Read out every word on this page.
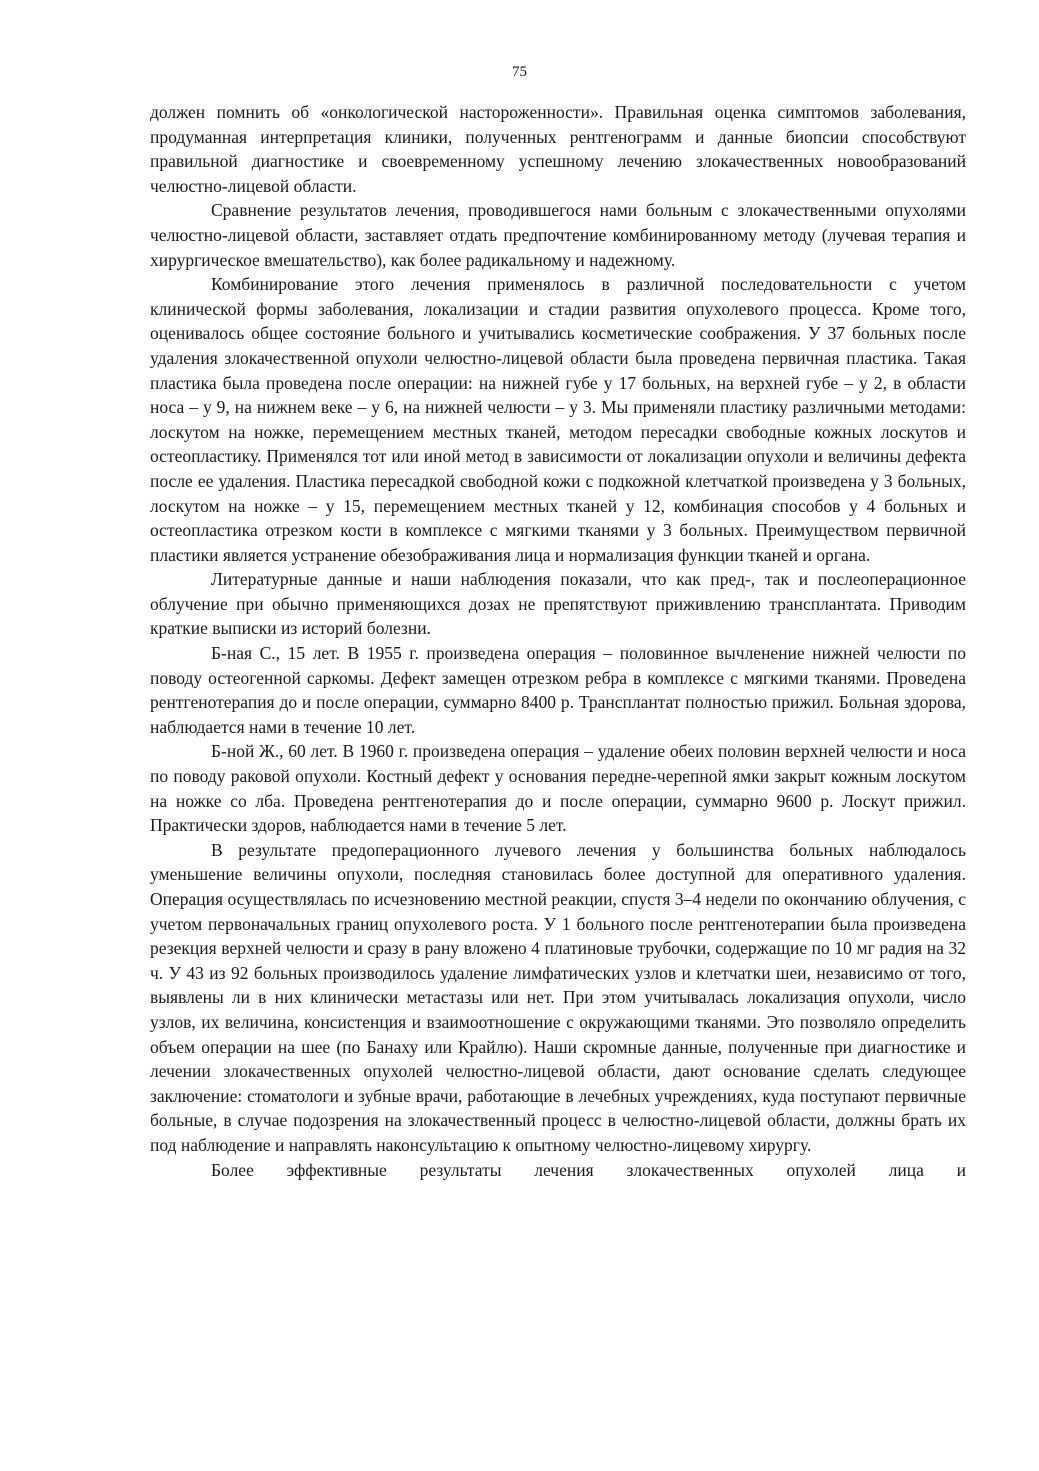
75

должен помнить об «онкологической настороженности». Правильная оценка симптомов заболевания, продуманная интерпретация клиники, полученных рентгенограмм и данные биопсии способствуют правильной диагностике и своевременному успешному лечению злокачественных новообразований челюстно-лицевой области.

Сравнение результатов лечения, проводившегося нами больным с злокачественными опухолями челюстно-лицевой области, заставляет отдать предпочтение комбинированному методу (лучевая терапия и хирургическое вмешательство), как более радикальному и надежному.

Комбинирование этого лечения применялось в различной последовательности с учетом клинической формы заболевания, локализации и стадии развития опухолевого процесса. Кроме того, оценивалось общее состояние больного и учитывались косметические соображения. У 37 больных после удаления злокачественной опухоли челюстно-лицевой области была проведена первичная пластика. Такая пластика была проведена после операции: на нижней губе у 17 больных, на верхней губе – у 2, в области носа – у 9, на нижнем веке – у 6, на нижней челюсти – у 3. Мы применяли пластику различными методами: лоскутом на ножке, перемещением местных тканей, методом пересадки свободные кожных лоскутов и остеопластику. Применялся тот или иной метод в зависимости от локализации опухоли и величины дефекта после ее удаления. Пластика пересадкой свободной кожи с подкожной клетчаткой произведена у 3 больных, лоскутом на ножке – у 15, перемещением местных тканей у 12, комбинация способов у 4 больных и остеопластика отрезком кости в комплексе с мягкими тканями у 3 больных. Преимуществом первичной пластики является устранение обезображивания лица и нормализация функции тканей и органа.

Литературные данные и наши наблюдения показали, что как пред-, так и послеоперационное облучение при обычно применяющихся дозах не препятствуют приживлению трансплантата. Приводим краткие выписки из историй болезни.

Б-ная С., 15 лет. В 1955 г. произведена операция – половинное вычленение нижней челюсти по поводу остеогенной саркомы. Дефект замещен отрезком ребра в комплексе с мягкими тканями. Проведена рентгенотерапия до и после операции, суммарно 8400 р. Трансплантат полностью прижил. Больная здорова, наблюдается нами в течение 10 лет.

Б-ной Ж., 60 лет. В 1960 г. произведена операция – удаление обеих половин верхней челюсти и носа по поводу раковой опухоли. Костный дефект у основания передне-черепной ямки закрыт кожным лоскутом на ножке со лба. Проведена рентгенотерапия до и после операции, суммарно 9600 р. Лоскут прижил. Практически здоров, наблюдается нами в течение 5 лет.

В результате предоперационного лучевого лечения у большинства больных наблюдалось уменьшение величины опухоли, последняя становилась более доступной для оперативного удаления. Операция осуществлялась по исчезновению местной реакции, спустя 3–4 недели по окончанию облучения, с учетом первоначальных границ опухолевого роста. У 1 больного после рентгенотерапии была произведена резекция верхней челюсти и сразу в рану вложено 4 платиновые трубочки, содержащие по 10 мг радия на 32 ч. У 43 из 92 больных производилось удаление лимфатических узлов и клетчатки шеи, независимо от того, выявлены ли в них клинически метастазы или нет. При этом учитывалась локализация опухоли, число узлов, их величина, консистенция и взаимоотношение с окружающими тканями. Это позволяло определить объем операции на шее (по Банаху или Крайлю). Наши скромные данные, полученные при диагностике и лечении злокачественных опухолей челюстно-лицевой области, дают основание сделать следующее заключение: стоматологи и зубные врачи, работающие в лечебных учреждениях, куда поступают первичные больные, в случае подозрения на злокачественный процесс в челюстно-лицевой области, должны брать их под наблюдение и направлять наконсультацию к опытному челюстно-лицевому хирургу.

Более эффективные результаты лечения злокачественных опухолей лица и
